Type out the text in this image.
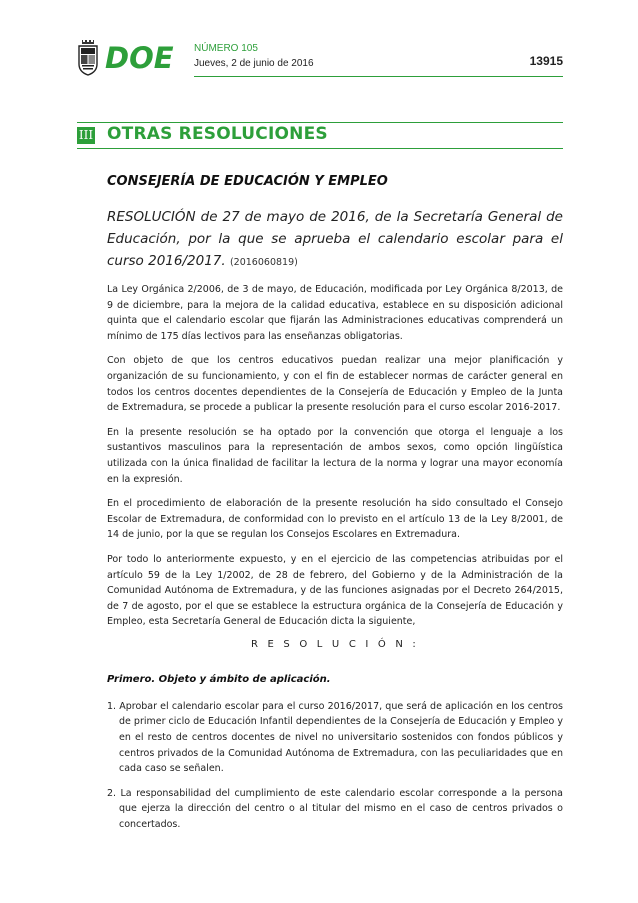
DOE NÚMERO 105
Jueves, 2 de junio de 2016	13915
III OTRAS RESOLUCIONES
CONSEJERÍA DE EDUCACIÓN Y EMPLEO
RESOLUCIÓN de 27 de mayo de 2016, de la Secretaría General de Educación, por la que se aprueba el calendario escolar para el curso 2016/2017. (2016060819)

La Ley Orgánica 2/2006, de 3 de mayo, de Educación, modificada por Ley Orgánica 8/2013, de 9 de diciembre, para la mejora de la calidad educativa, establece en su disposición adicional quinta que el calendario escolar que fijarán las Administraciones educativas comprenderá un mínimo de 175 días lectivos para las enseñanzas obligatorias.

Con objeto de que los centros educativos puedan realizar una mejor planificación y organización de su funcionamiento, y con el fin de establecer normas de carácter general en todos los centros docentes dependientes de la Consejería de Educación y Empleo de la Junta de Extremadura, se procede a publicar la presente resolución para el curso escolar 2016-2017.

En la presente resolución se ha optado por la convención que otorga el lenguaje a los sustantivos masculinos para la representación de ambos sexos, como opción lingüística utilizada con la única finalidad de facilitar la lectura de la norma y lograr una mayor economía en la expresión.

En el procedimiento de elaboración de la presente resolución ha sido consultado el Consejo Escolar de Extremadura, de conformidad con lo previsto en el artículo 13 de la Ley 8/2001, de 14 de junio, por la que se regulan los Consejos Escolares en Extremadura.

Por todo lo anteriormente expuesto, y en el ejercicio de las competencias atribuidas por el artículo 59 de la Ley 1/2002, de 28 de febrero, del Gobierno y de la Administración de la Comunidad Autónoma de Extremadura, y de las funciones asignadas por el Decreto 264/2015, de 7 de agosto, por el que se establece la estructura orgánica de la Consejería de Educación y Empleo, esta Secretaría General de Educación dicta la siguiente,

R E S O L U C I Ó N :
Primero. Objeto y ámbito de aplicación.
1. Aprobar el calendario escolar para el curso 2016/2017, que será de aplicación en los centros de primer ciclo de Educación Infantil dependientes de la Consejería de Educación y Empleo y en el resto de centros docentes de nivel no universitario sostenidos con fondos públicos y centros privados de la Comunidad Autónoma de Extremadura, con las peculiaridades que en cada caso se señalen.
2. La responsabilidad del cumplimiento de este calendario escolar corresponde a la persona que ejerza la dirección del centro o al titular del mismo en el caso de centros privados o concertados.
